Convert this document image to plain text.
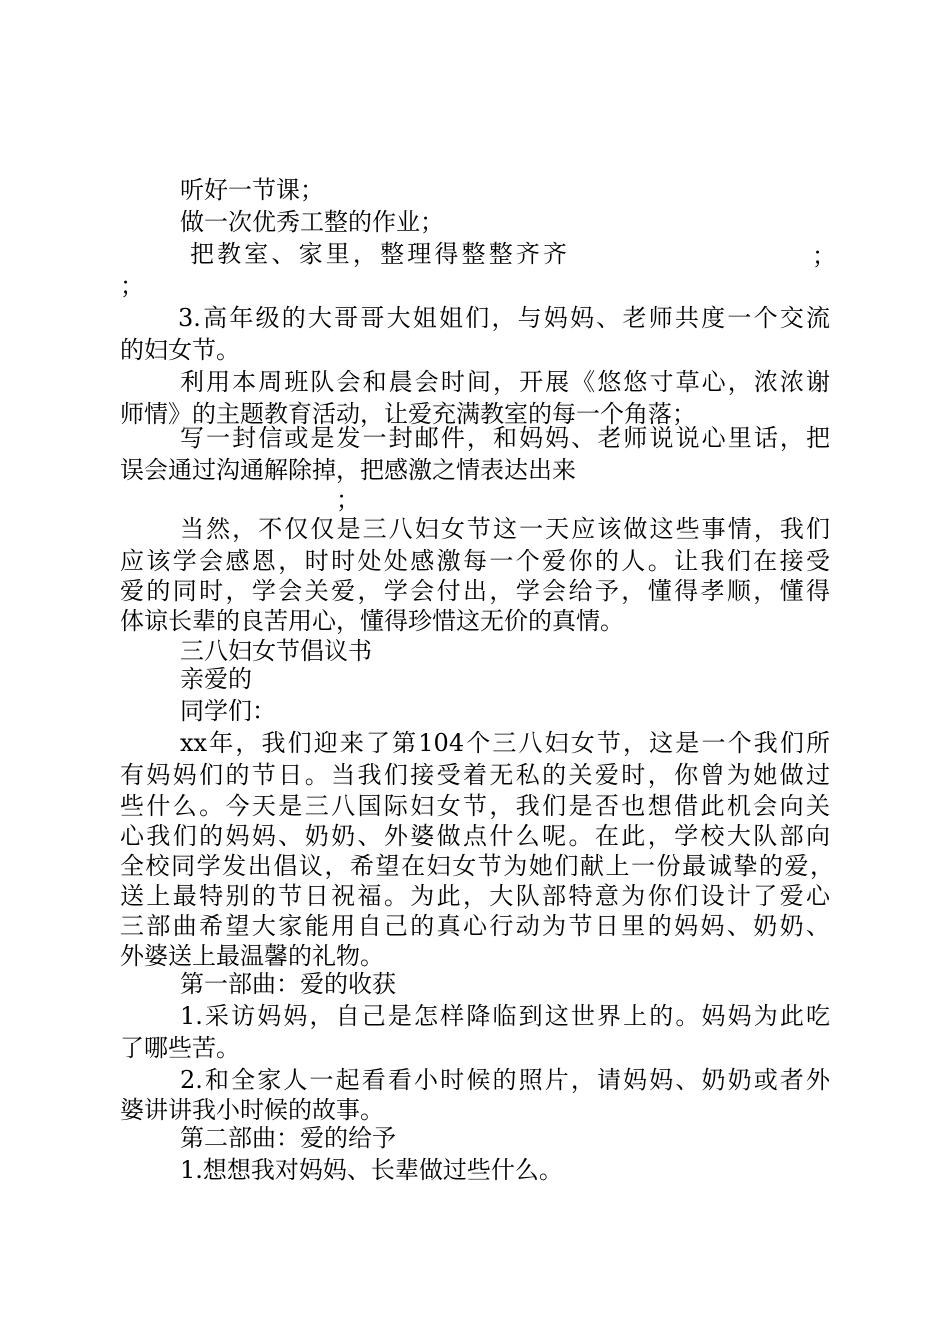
听好一节课；

做一次优秀工整的作业；

把教室、家里，整理得整整齐齐	；

；

3.高年级的大哥哥大姐姐们，与妈妈、老师共度一个交流

的妇女节。

利用本周班队会和晨会时间，开展《悠悠寸草心，浓浓谢

师情》的主题教育活动，让爱充满教室的每一个角落；

写一封信或是发一封邮件，和妈妈、老师说说心里话，把

误会通过沟通解除掉，把感激之情表达出来

；

当然，不仅仅是三八妇女节这一天应该做这些事情，我们

应该学会感恩，时时处处感激每一个爱你的人。让我们在接受

爱的同时，学会关爱，学会付出，学会给予，懂得孝顺，懂得

体谅长辈的良苦用心，懂得珍惜这无价的真情。

三八妇女节倡议书

亲爱的

同学们：

xx年，我们迎来了第104个三八妇女节，这是一个我们所

有妈妈们的节日。当我们接受着无私的关爱时，你曾为她做过

些什么。今天是三八国际妇女节，我们是否也想借此机会向关

心我们的妈妈、奶奶、外婆做点什么呢。在此，学校大队部向

全校同学发出倡议，希望在妇女节为她们献上一份最诚挚的爱，

送上最特别的节日祝福。为此，大队部特意为你们设计了爱心

三部曲希望大家能用自己的真心行动为节日里的妈妈、奶奶、

外婆送上最温馨的礼物。

第一部曲：爱的收获

1.采访妈妈，自己是怎样降临到这世界上的。妈妈为此吃

了哪些苦。

2.和全家人一起看看小时候的照片，请妈妈、奶奶或者外

婆讲讲我小时候的故事。

第二部曲：爱的给予

1.想想我对妈妈、长辈做过些什么。
